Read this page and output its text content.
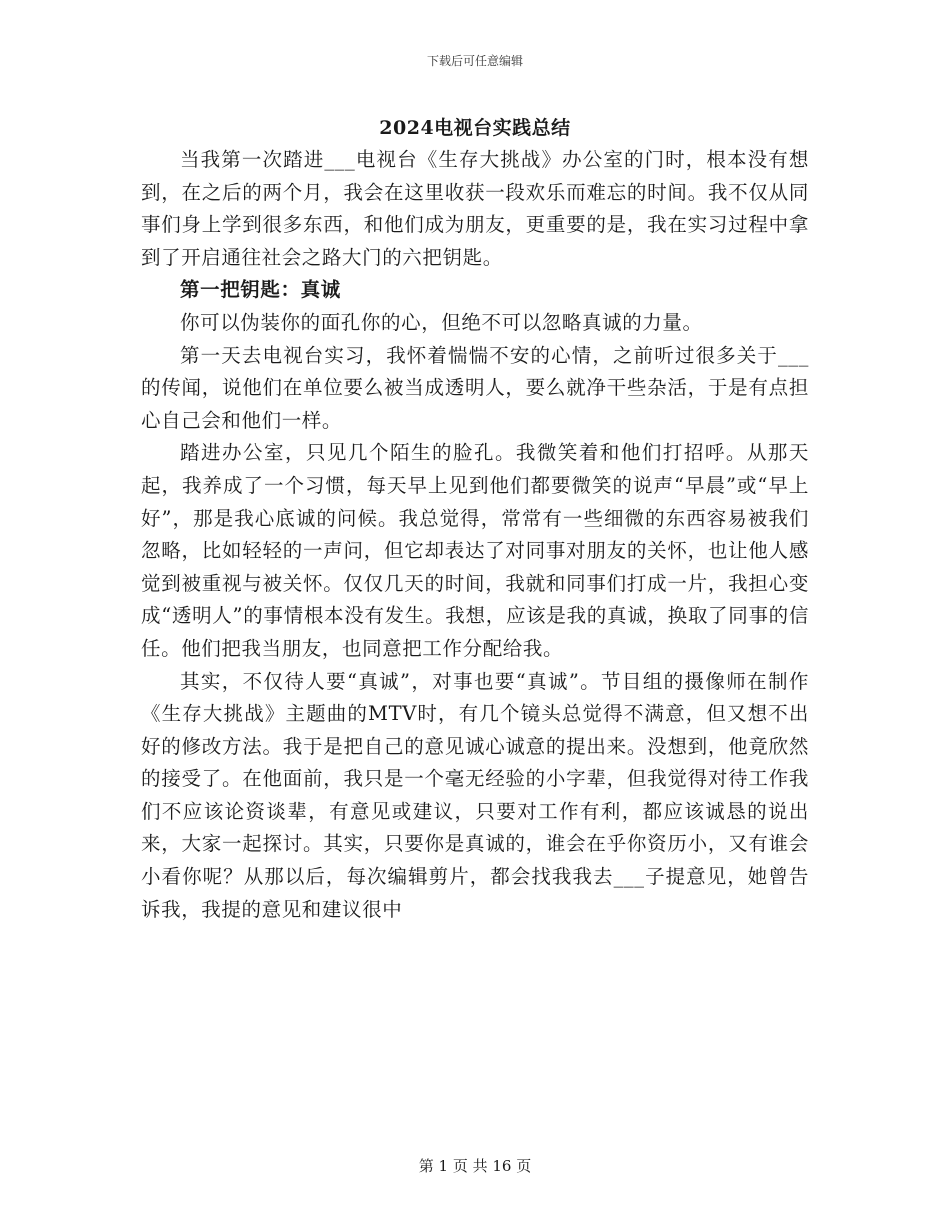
下载后可任意编辑
2024电视台实践总结

当我第一次踏进___电视台《生存大挑战》办公室的门时，根本没有想到，在之后的两个月，我会在这里收获一段欢乐而难忘的时间。我不仅从同事们身上学到很多东西，和他们成为朋友，更重要的是，我在实习过程中拿到了开启通往社会之路大门的六把钥匙。

第一把钥匙：真诚

你可以伪装你的面孔你的心，但绝不可以忽略真诚的力量。

第一天去电视台实习，我怀着惴惴不安的心情，之前听过很多关于___的传闻，说他们在单位要么被当成透明人，要么就净干些杂活，于是有点担心自己会和他们一样。

踏进办公室，只见几个陌生的脸孔。我微笑着和他们打招呼。从那天起，我养成了一个习惯，每天早上见到他们都要微笑的说声“早晨”或“早上好”，那是我心底诚的问候。我总觉得，常常有一些细微的东西容易被我们忽略，比如轻轻的一声问，但它却表达了对同事对朋友的关怀，也让他人感觉到被重视与被关怀。仅仅几天的时间，我就和同事们打成一片，我担心变成“透明人”的事情根本没有发生。我想，应该是我的真诚，换取了同事的信任。他们把我当朋友，也同意把工作分配给我。

其实，不仅待人要“真诚”，对事也要“真诚”。节目组的摄像师在制作《生存大挑战》主题曲的MTV时，有几个镜头总觉得不满意，但又想不出好的修改方法。我于是把自己的意见诚心诚意的提出来。没想到，他竟欣然的接受了。在他面前，我只是一个毫无经验的小字辈，但我觉得对待工作我们不应该论资谈辈，有意见或建议，只要对工作有利，都应该诚恳的说出来，大家一起探讨。其实，只要你是真诚的，谁会在乎你资历小，又有谁会小看你呢？从那以后，每次编辑剪片，都会找我我去___子提意见，她曾告诉我，我提的意见和建议很中

第 1 页 共 16 页
